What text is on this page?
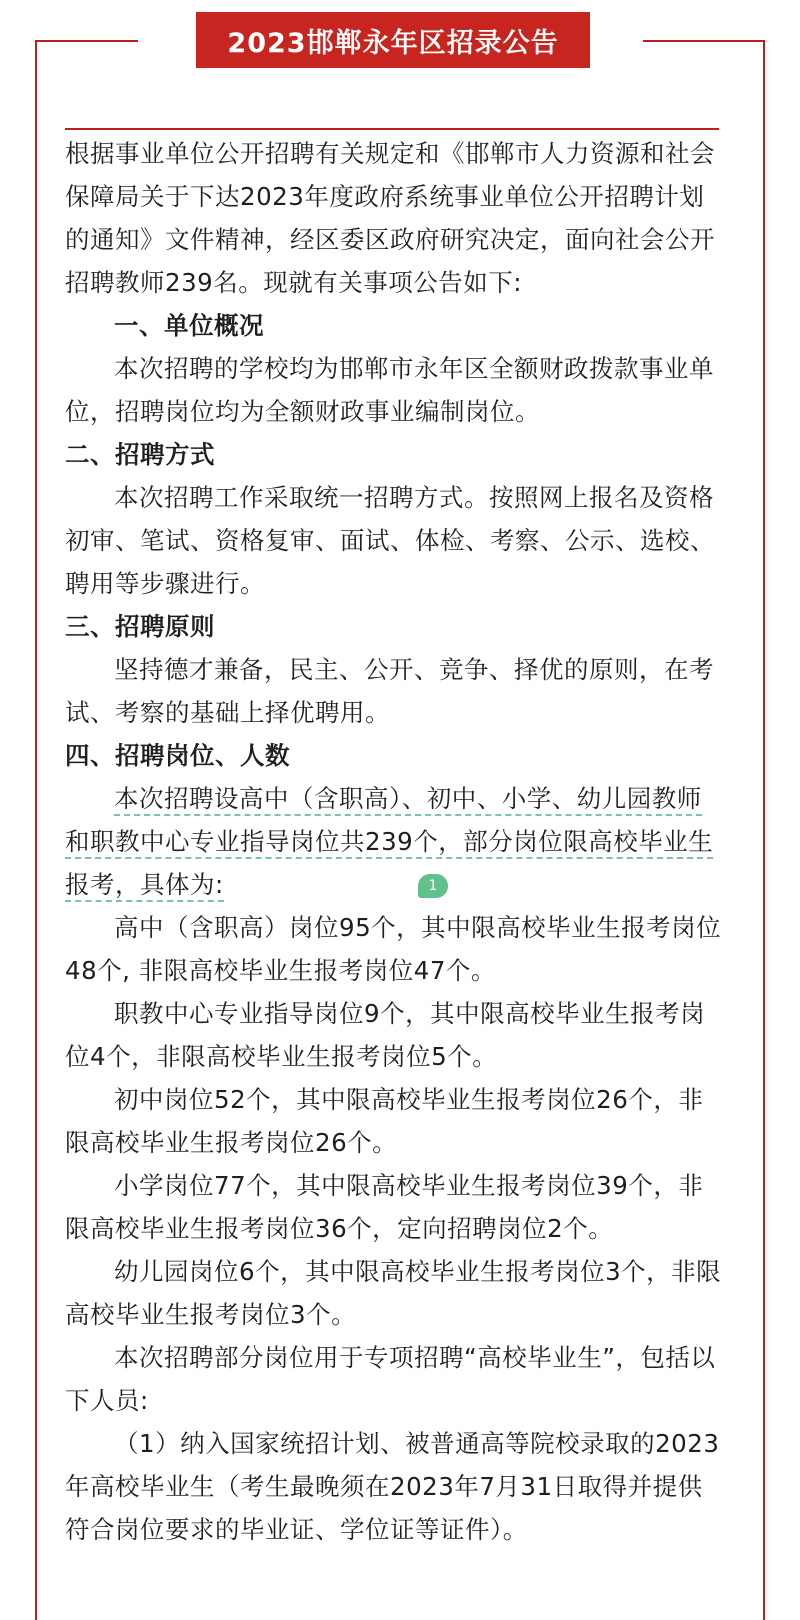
2023邯郸永年区招录公告

根据事业单位公开招聘有关规定和《邯郸市人力资源和社会保障局关于下达2023年度政府系统事业单位公开招聘计划的通知》文件精神，经区委区政府研究决定，面向社会公开招聘教师239名。现就有关事项公告如下:

一、单位概况

本次招聘的学校均为邯郸市永年区全额财政拨款事业单位，招聘岗位均为全额财政事业编制岗位。

二、招聘方式

本次招聘工作采取统一招聘方式。按照网上报名及资格初审、笔试、资格复审、面试、体检、考察、公示、选校、聘用等步骤进行。

三、招聘原则

坚持德才兼备，民主、公开、竞争、择优的原则，在考试、考察的基础上择优聘用。

四、招聘岗位、人数

本次招聘设高中（含职高）、初中、小学、幼儿园教师和职教中心专业指导岗位共239个，部分岗位限高校毕业生报考，具体为:

高中（含职高）岗位95个，其中限高校毕业生报考岗位48个, 非限高校毕业生报考岗位47个。

职教中心专业指导岗位9个，其中限高校毕业生报考岗位4个，非限高校毕业生报考岗位5个。

初中岗位52个，其中限高校毕业生报考岗位26个，非限高校毕业生报考岗位26个。

小学岗位77个，其中限高校毕业生报考岗位39个，非限高校毕业生报考岗位36个，定向招聘岗位2个。

幼儿园岗位6个，其中限高校毕业生报考岗位3个，非限高校毕业生报考岗位3个。

本次招聘部分岗位用于专项招聘“高校毕业生”，包括以下人员:

（1）纳入国家统招计划、被普通高等院校录取的2023年高校毕业生（考生最晚须在2023年7月31日取得并提供符合岗位要求的毕业证、学位证等证件）。

1
